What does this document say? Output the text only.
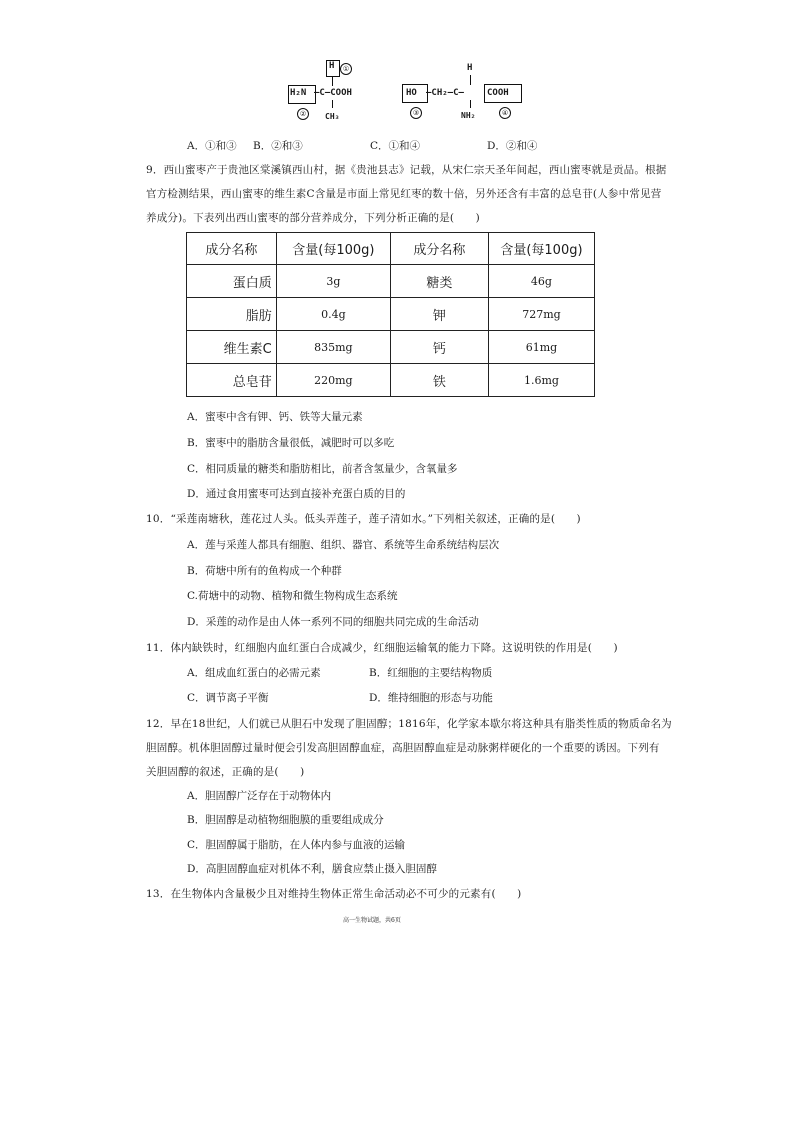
H	①
H₂N —C—COOH
②	CH₃
H
HO —CH₂—C—	COOH
③	NH₂	④
A．①和③ B．②和③	C．①和④	D．②和④
9．西山蜜枣产于贵池区棠溪镇西山村，据《贵池县志》记载，从宋仁宗天圣年间起，西山蜜枣就是贡品。根据
官方检测结果，西山蜜枣的维生素C含量是市面上常见红枣的数十倍，另外还含有丰富的总皂苷(人参中常见营
养成分)。下表列出西山蜜枣的部分营养成分，下列分析正确的是(　　)
成分名称	含量(每100g)	成分名称	含量(每100g)
蛋白质	3g	糖类	46g
脂肪	0.4g	钾	727mg
维生素C	835mg	钙	61mg
总皂苷	220mg	铁	1.6mg
A．蜜枣中含有钾、钙、铁等大量元素
B．蜜枣中的脂肪含量很低，减肥时可以多吃
C．相同质量的糖类和脂肪相比，前者含氢量少，含氧量多
D．通过食用蜜枣可达到直接补充蛋白质的目的
10．“采莲南塘秋，莲花过人头。低头弄莲子，莲子清如水。”下列相关叙述，正确的是(　　)
A．莲与采莲人都具有细胞、组织、器官、系统等生命系统结构层次
B．荷塘中所有的鱼构成一个种群
C.荷塘中的动物、植物和微生物构成生态系统
D．采莲的动作是由人体一系列不同的细胞共同完成的生命活动
11．体内缺铁时，红细胞内血红蛋白合成减少，红细胞运输氧的能力下降。这说明铁的作用是(　　)
A．组成血红蛋白的必需元素	B．红细胞的主要结构物质
C．调节离子平衡	D．维持细胞的形态与功能
12．早在18世纪，人们就已从胆石中发现了胆固醇；1816年，化学家本歇尔将这种具有脂类性质的物质命名为
胆固醇。机体胆固醇过量时便会引发高胆固醇血症，高胆固醇血症是动脉粥样硬化的一个重要的诱因。下列有
关胆固醇的叙述，正确的是(　　)
A．胆固醇广泛存在于动物体内
B．胆固醇是动植物细胞膜的重要组成成分
C．胆固醇属于脂肪，在人体内参与血液的运输
D．高胆固醇血症对机体不利，膳食应禁止摄入胆固醇
13．在生物体内含量极少且对维持生物体正常生命活动必不可少的元素有(　　)
高一生物试题，共6页
